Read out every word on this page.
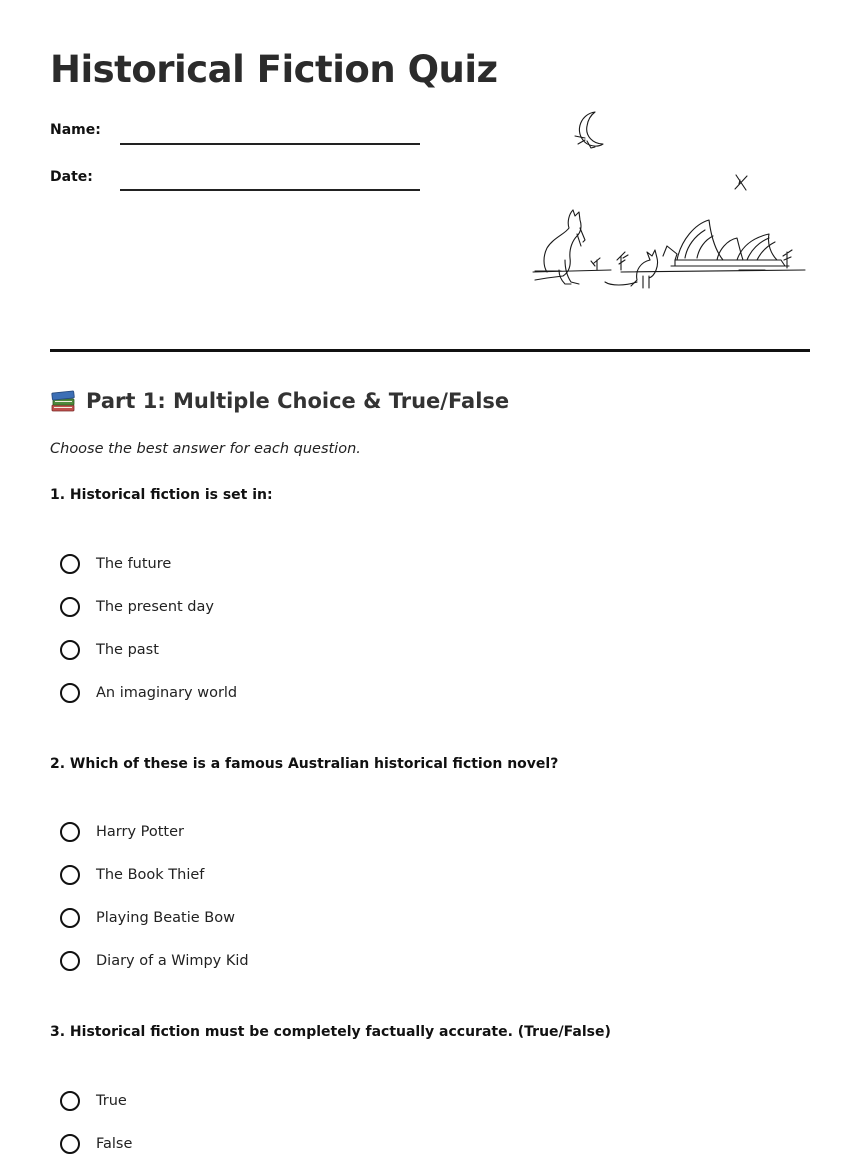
Historical Fiction Quiz
Name:
Date:
Part 1: Multiple Choice & True/False
Choose the best answer for each question.
1. Historical fiction is set in:
The future
The present day
The past
An imaginary world
2. Which of these is a famous Australian historical fiction novel?
Harry Potter
The Book Thief
Playing Beatie Bow
Diary of a Wimpy Kid
3. Historical fiction must be completely factually accurate. (True/False)
True
False
